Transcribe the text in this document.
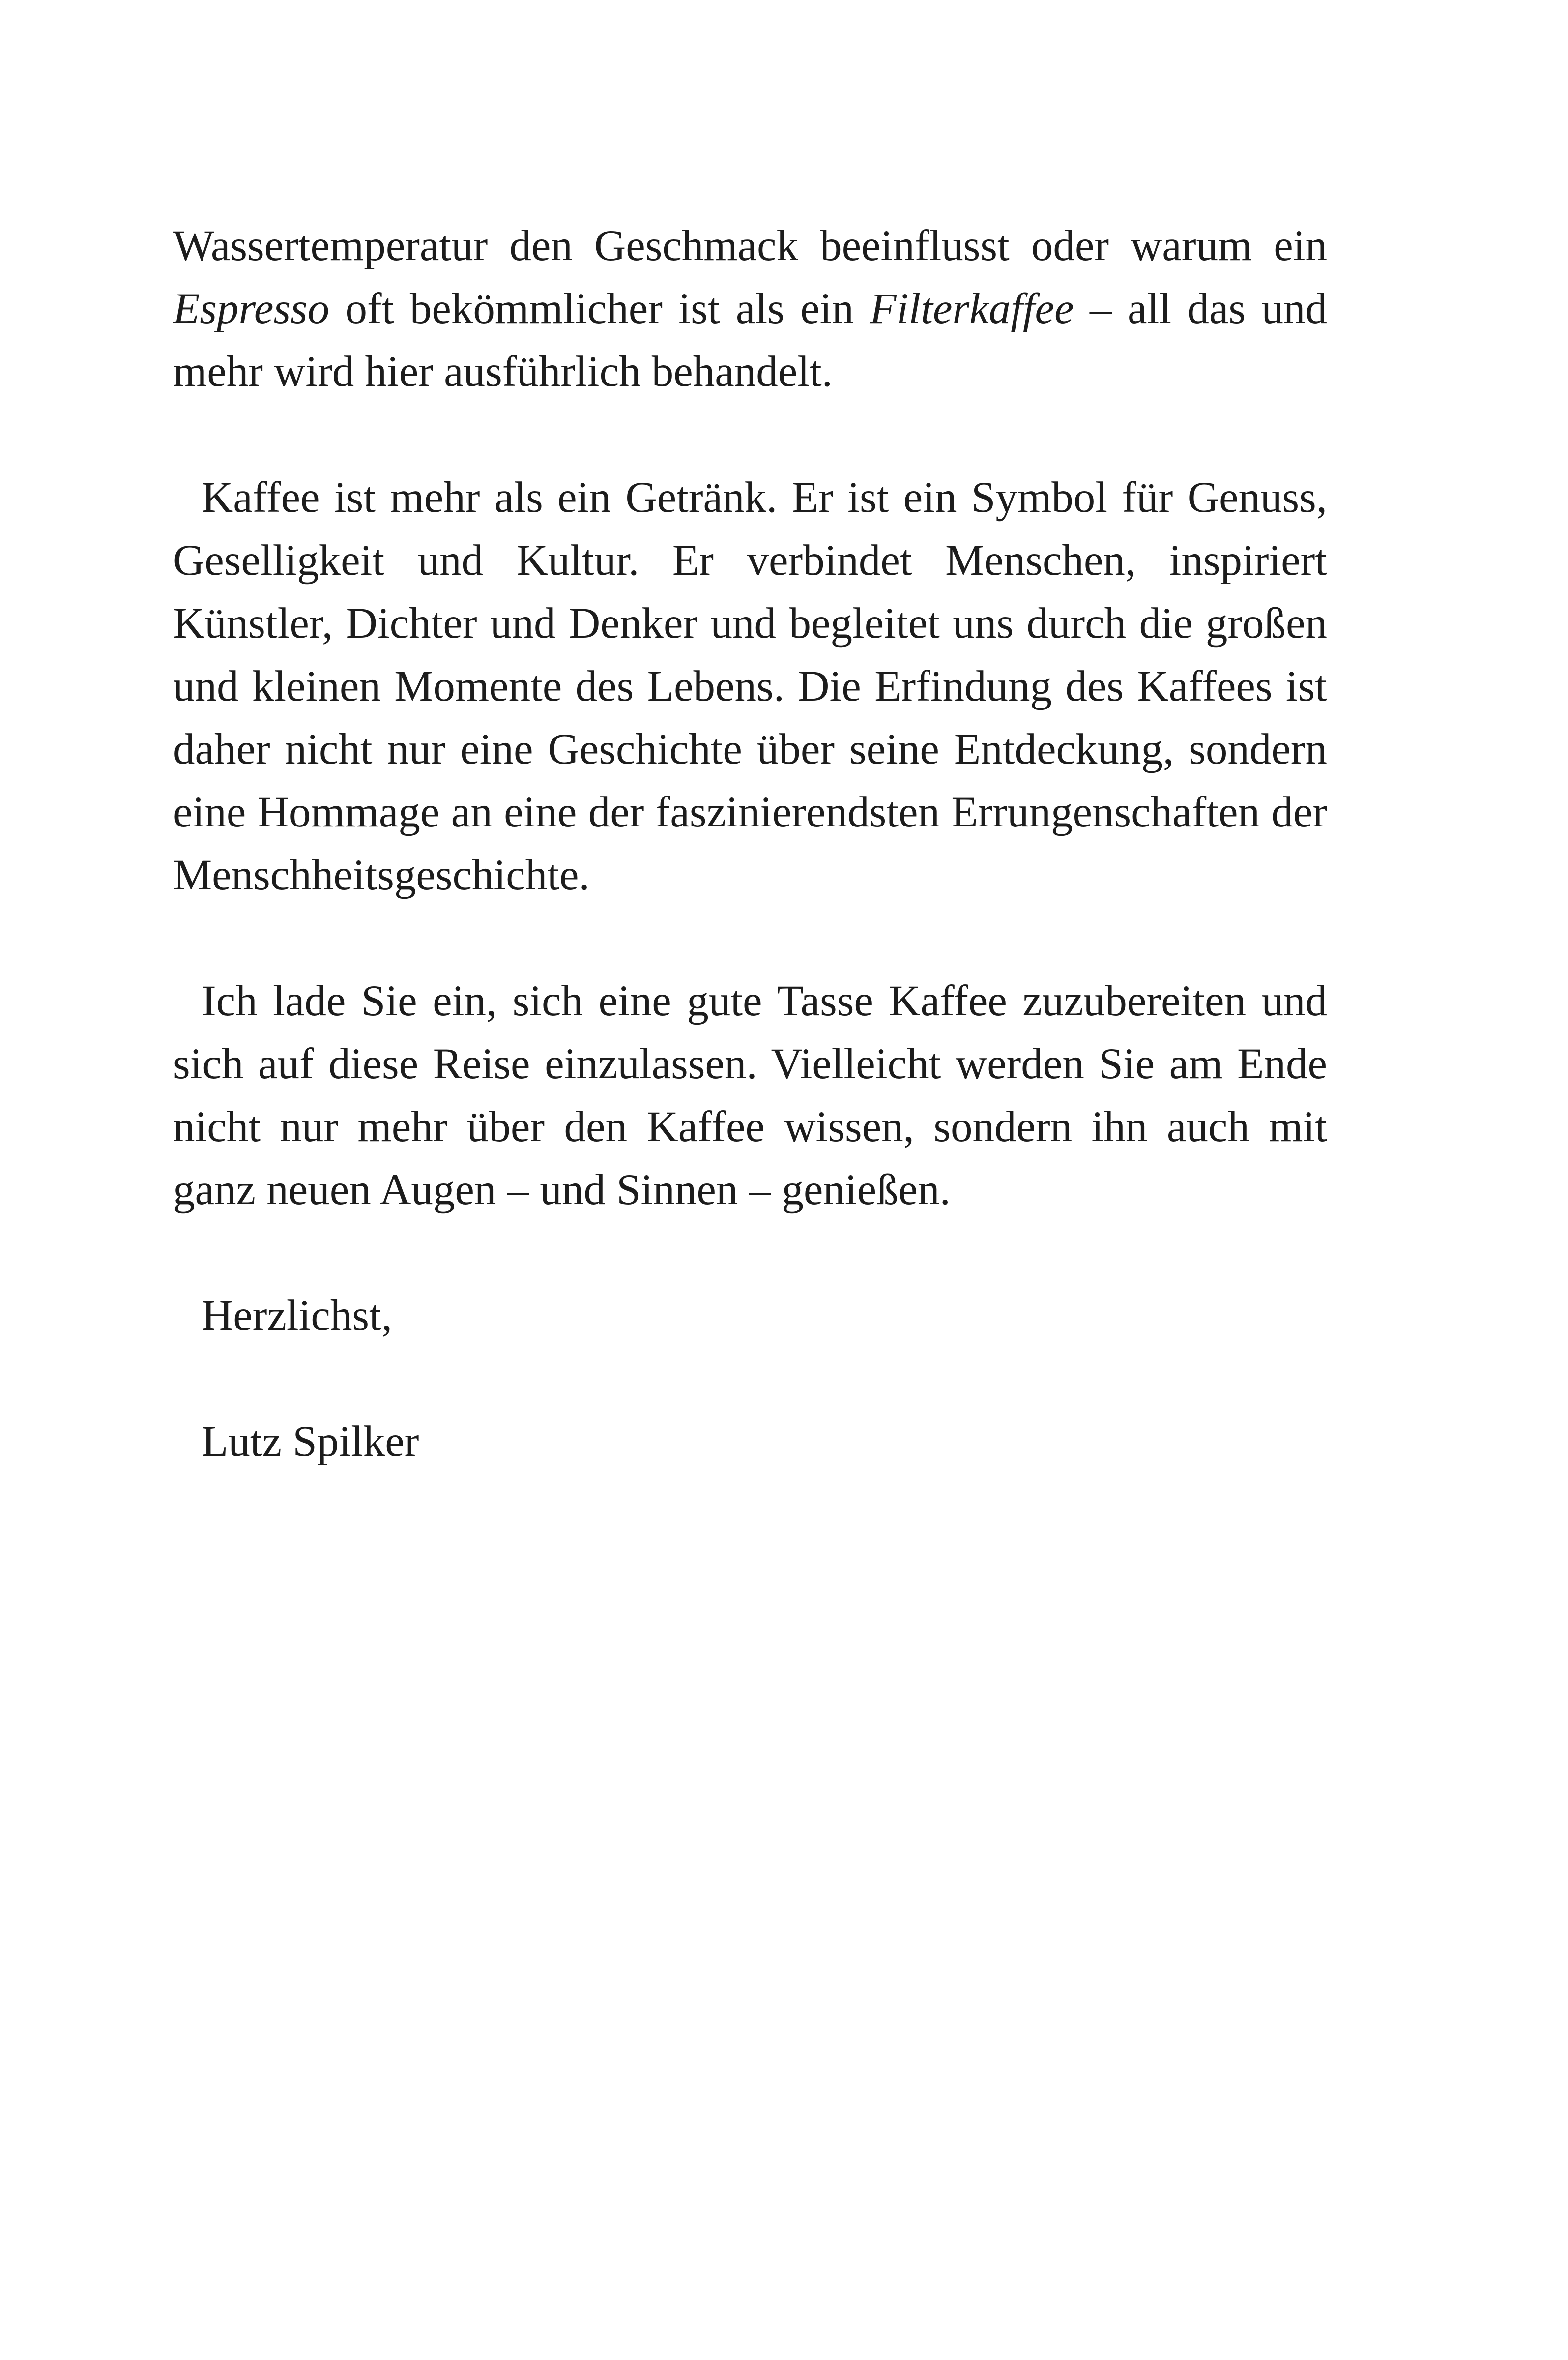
Wassertemperatur den Geschmack beeinflusst oder warum ein Espresso oft bekömmlicher ist als ein Filterkaffee – all das und mehr wird hier ausführlich behandelt.

Kaffee ist mehr als ein Getränk. Er ist ein Symbol für Genuss, Geselligkeit und Kultur. Er verbindet Menschen, inspiriert Künstler, Dichter und Denker und begleitet uns durch die großen und kleinen Momente des Lebens. Die Erfindung des Kaffees ist daher nicht nur eine Geschichte über seine Entdeckung, sondern eine Hommage an eine der faszinierendsten Errungenschaften der Menschheitsgeschichte.

Ich lade Sie ein, sich eine gute Tasse Kaffee zuzubereiten und sich auf diese Reise einzulassen. Vielleicht werden Sie am Ende nicht nur mehr über den Kaffee wissen, sondern ihn auch mit ganz neuen Augen – und Sinnen – genießen.

Herzlichst,

Lutz Spilker
